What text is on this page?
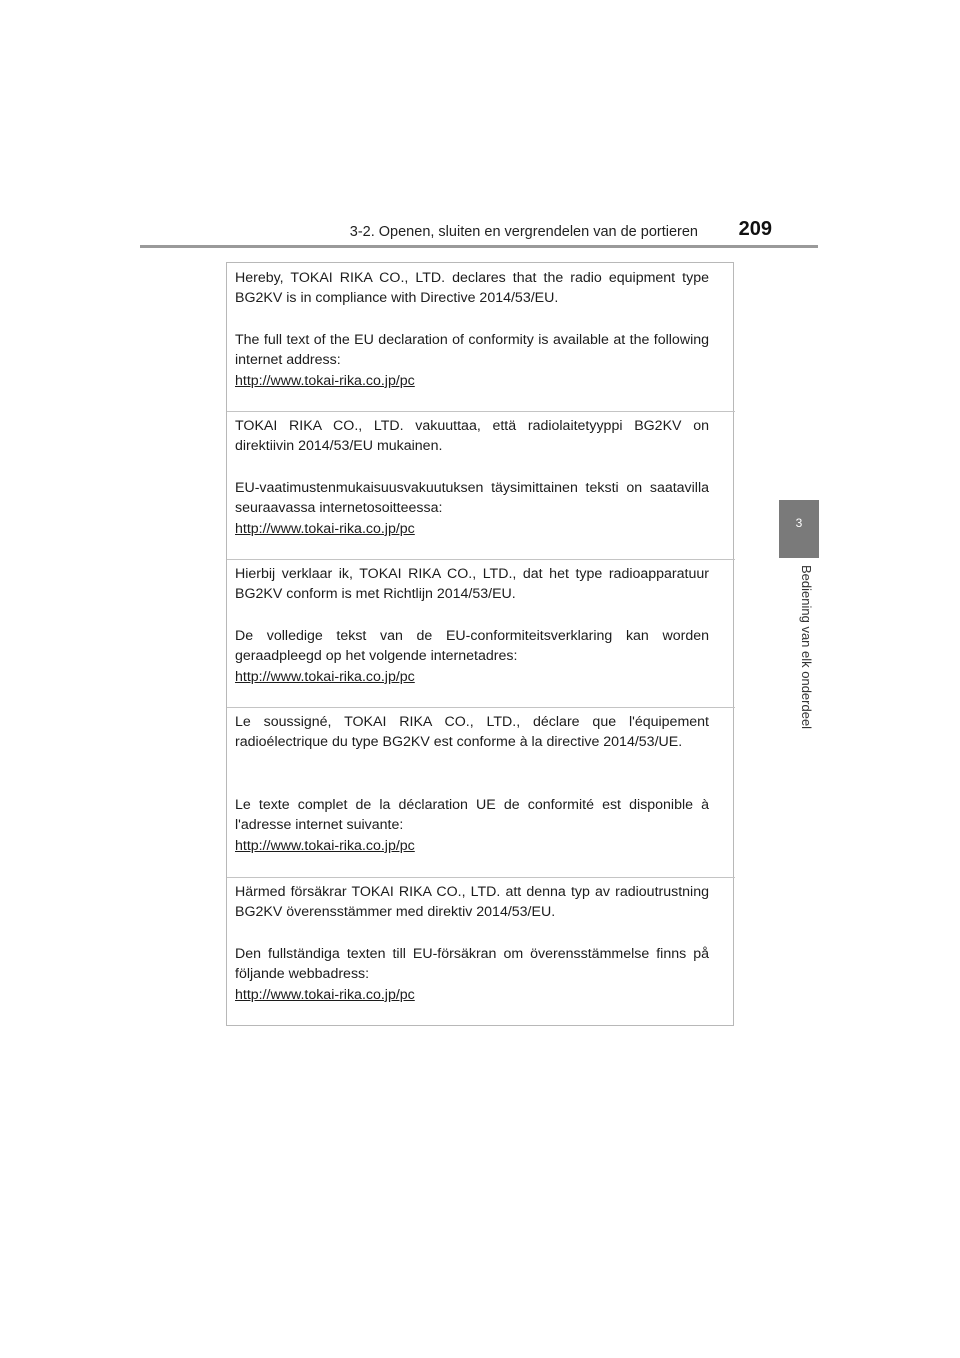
3-2. Openen, sluiten en vergrendelen van de portieren 209
3
Bediening van elk onderdeel
Hereby, TOKAI RIKA CO., LTD. declares that the radio equipment type BG2KV is in compliance with Directive 2014/53/EU.
The full text of the EU declaration of conformity is available at the following internet address:
http://www.tokai-rika.co.jp/pc
TOKAI RIKA CO., LTD. vakuuttaa, että radiolaitetyyppi BG2KV on direktiivin 2014/53/EU mukainen.
EU-vaatimustenmukaisuusvakuutuksen täysimittainen teksti on saatavilla seuraavassa internetosoitteessa:
http://www.tokai-rika.co.jp/pc
Hierbij verklaar ik, TOKAI RIKA CO., LTD., dat het type radioapparatuur BG2KV conform is met Richtlijn 2014/53/EU.
De volledige tekst van de EU-conformiteitsverklaring kan worden geraadpleegd op het volgende internetadres:
http://www.tokai-rika.co.jp/pc
Le soussigné, TOKAI RIKA CO., LTD., déclare que l'équipement radioélectrique du type BG2KV est conforme à la directive 2014/53/UE.
Le texte complet de la déclaration UE de conformité est disponible à l'adresse internet suivante:
http://www.tokai-rika.co.jp/pc
Härmed försäkrar TOKAI RIKA CO., LTD. att denna typ av radioutrustning BG2KV överensstämmer med direktiv 2014/53/EU.
Den fullständiga texten till EU-försäkran om överensstämmelse finns på följande webbadress:
http://www.tokai-rika.co.jp/pc
